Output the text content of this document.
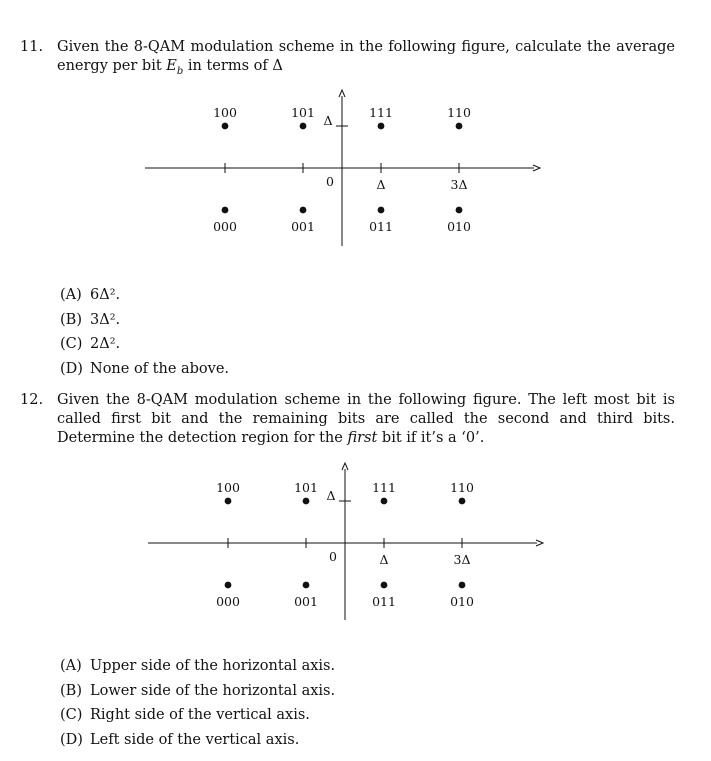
11. Given the 8-QAM modulation scheme in the following figure, calculate the average energy per bit $E_b$ in terms of Δ
0	Δ	3Δ
Δ
100	101	111	110
000	001	011	010
(A) 6Δ².
(B) 3Δ².
(C) 2Δ².
(D) None of the above.
12. Given the 8-QAM modulation scheme in the following figure. The left most bit is called first bit and the remaining bits are called the second and third bits. Determine the detection region for the first bit if it’s a ‘0’.
0	Δ	3Δ
Δ
100	101	111	110
000	001	011	010
(A) Upper side of the horizontal axis.
(B) Lower side of the horizontal axis.
(C) Right side of the vertical axis.
(D) Left side of the vertical axis.
